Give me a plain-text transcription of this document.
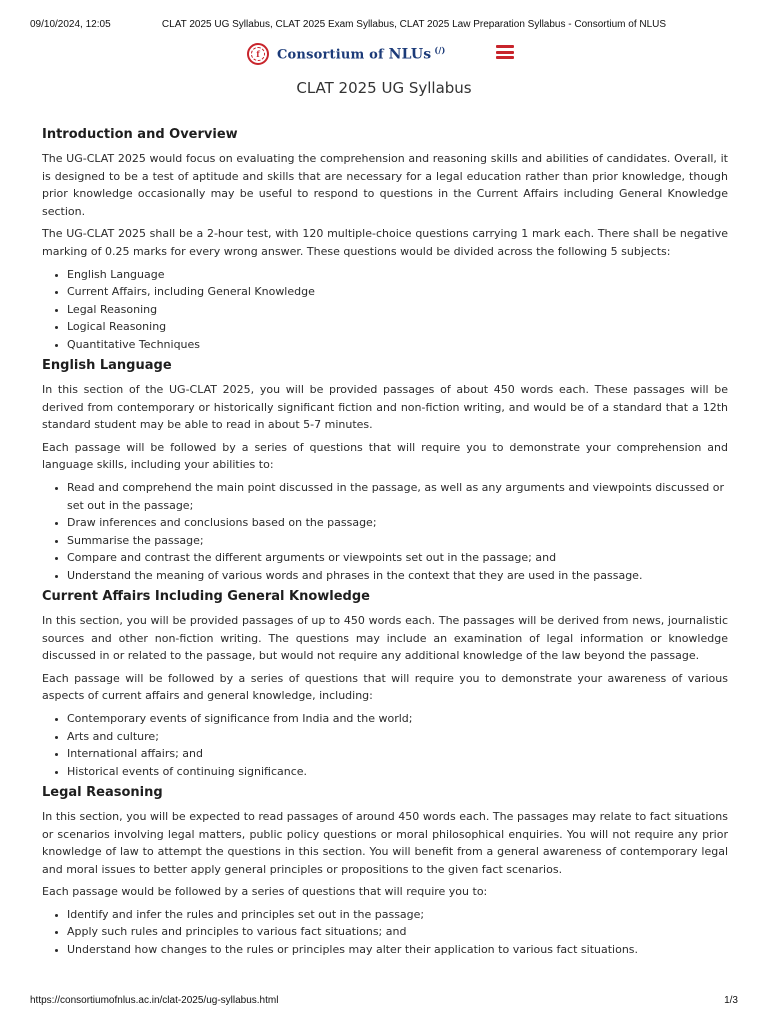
09/10/2024, 12:05	CLAT 2025 UG Syllabus, CLAT 2025 Exam Syllabus, CLAT 2025 Law Preparation Syllabus - Consortium of NLUS
f Consortium of NLUs (/)
CLAT 2025 UG Syllabus
Introduction and Overview

The UG-CLAT 2025 would focus on evaluating the comprehension and reasoning skills and abilities of candidates. Overall, it is designed to be a test of aptitude and skills that are necessary for a legal education rather than prior knowledge, though prior knowledge occasionally may be useful to respond to questions in the Current Affairs including General Knowledge section.

The UG-CLAT 2025 shall be a 2-hour test, with 120 multiple-choice questions carrying 1 mark each. There shall be negative marking of 0.25 marks for every wrong answer. These questions would be divided across the following 5 subjects:

• English Language
• Current Affairs, including General Knowledge
• Legal Reasoning
• Logical Reasoning
• Quantitative Techniques
English Language

In this section of the UG-CLAT 2025, you will be provided passages of about 450 words each. These passages will be derived from contemporary or historically significant fiction and non-fiction writing, and would be of a standard that a 12th standard student may be able to read in about 5-7 minutes.

Each passage will be followed by a series of questions that will require you to demonstrate your comprehension and language skills, including your abilities to:

• Read and comprehend the main point discussed in the passage, as well as any arguments and viewpoints discussed or set out in the passage;
• Draw inferences and conclusions based on the passage;
• Summarise the passage;
• Compare and contrast the different arguments or viewpoints set out in the passage; and
• Understand the meaning of various words and phrases in the context that they are used in the passage.
Current Affairs Including General Knowledge

In this section, you will be provided passages of up to 450 words each. The passages will be derived from news, journalistic sources and other non-fiction writing. The questions may include an examination of legal information or knowledge discussed in or related to the passage, but would not require any additional knowledge of the law beyond the passage.

Each passage will be followed by a series of questions that will require you to demonstrate your awareness of various aspects of current affairs and general knowledge, including:

• Contemporary events of significance from India and the world;
• Arts and culture;
• International affairs; and
• Historical events of continuing significance.
Legal Reasoning

In this section, you will be expected to read passages of around 450 words each. The passages may relate to fact situations or scenarios involving legal matters, public policy questions or moral philosophical enquiries. You will not require any prior knowledge of law to attempt the questions in this section. You will benefit from a general awareness of contemporary legal and moral issues to better apply general principles or propositions to the given fact scenarios.

Each passage would be followed by a series of questions that will require you to:

• Identify and infer the rules and principles set out in the passage;
• Apply such rules and principles to various fact situations; and
• Understand how changes to the rules or principles may alter their application to various fact situations.
https://consortiumofnlus.ac.in/clat-2025/ug-syllabus.html	1/3
